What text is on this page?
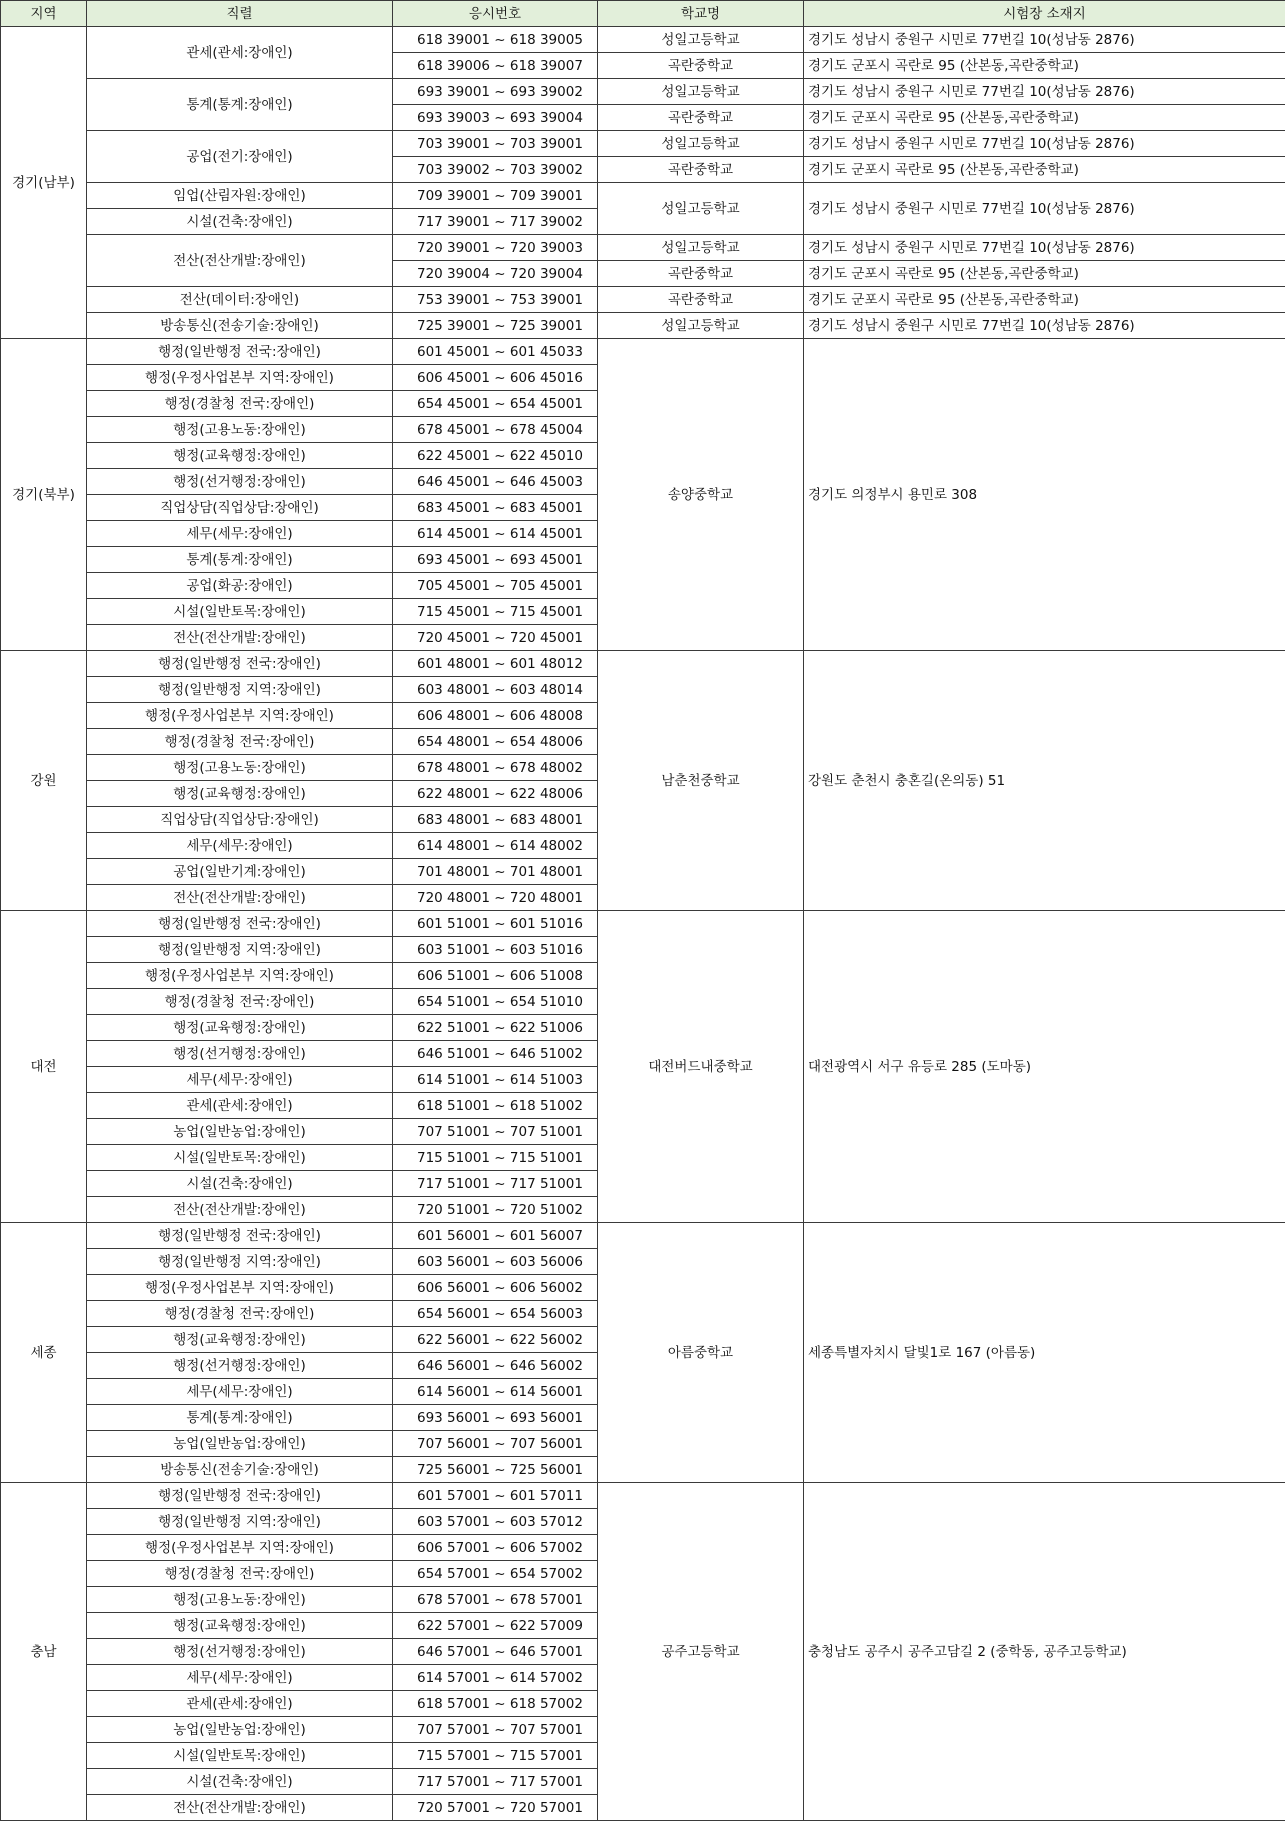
지역	직렬	응시번호	학교명	시험장 소재지
경기(남부)	관세(관세:장애인)	618 39001 ~ 618 39005	성일고등학교	경기도 성남시 중원구 시민로 77번길 10(성남동 2876)
		618 39006 ~ 618 39007	곡란중학교	경기도 군포시 곡란로 95 (산본동,곡란중학교)
	통계(통계:장애인)	693 39001 ~ 693 39002	성일고등학교	경기도 성남시 중원구 시민로 77번길 10(성남동 2876)
		693 39003 ~ 693 39004	곡란중학교	경기도 군포시 곡란로 95 (산본동,곡란중학교)
	공업(전기:장애인)	703 39001 ~ 703 39001	성일고등학교	경기도 성남시 중원구 시민로 77번길 10(성남동 2876)
		703 39002 ~ 703 39002	곡란중학교	경기도 군포시 곡란로 95 (산본동,곡란중학교)
	임업(산림자원:장애인)	709 39001 ~ 709 39001	성일고등학교	경기도 성남시 중원구 시민로 77번길 10(성남동 2876)
	시설(건축:장애인)	717 39001 ~ 717 39002		
	전산(전산개발:장애인)	720 39001 ~ 720 39003	성일고등학교	경기도 성남시 중원구 시민로 77번길 10(성남동 2876)
		720 39004 ~ 720 39004	곡란중학교	경기도 군포시 곡란로 95 (산본동,곡란중학교)
	전산(데이터:장애인)	753 39001 ~ 753 39001	곡란중학교	경기도 군포시 곡란로 95 (산본동,곡란중학교)
	방송통신(전송기술:장애인)	725 39001 ~ 725 39001	성일고등학교	경기도 성남시 중원구 시민로 77번길 10(성남동 2876)
경기(북부)	행정(일반행정 전국:장애인)	601 45001 ~ 601 45033	송양중학교	경기도 의정부시 용민로 308
	행정(우정사업본부 지역:장애인)	606 45001 ~ 606 45016		
	행정(경찰청 전국:장애인)	654 45001 ~ 654 45001		
	행정(고용노동:장애인)	678 45001 ~ 678 45004		
	행정(교육행정:장애인)	622 45001 ~ 622 45010		
	행정(선거행정:장애인)	646 45001 ~ 646 45003		
	직업상담(직업상담:장애인)	683 45001 ~ 683 45001		
	세무(세무:장애인)	614 45001 ~ 614 45001		
	통계(통계:장애인)	693 45001 ~ 693 45001		
	공업(화공:장애인)	705 45001 ~ 705 45001		
	시설(일반토목:장애인)	715 45001 ~ 715 45001		
	전산(전산개발:장애인)	720 45001 ~ 720 45001		
강원	행정(일반행정 전국:장애인)	601 48001 ~ 601 48012	남춘천중학교	강원도 춘천시 충혼길(온의동) 51
	행정(일반행정 지역:장애인)	603 48001 ~ 603 48014		
	행정(우정사업본부 지역:장애인)	606 48001 ~ 606 48008		
	행정(경찰청 전국:장애인)	654 48001 ~ 654 48006		
	행정(고용노동:장애인)	678 48001 ~ 678 48002		
	행정(교육행정:장애인)	622 48001 ~ 622 48006		
	직업상담(직업상담:장애인)	683 48001 ~ 683 48001		
	세무(세무:장애인)	614 48001 ~ 614 48002		
	공업(일반기계:장애인)	701 48001 ~ 701 48001		
	전산(전산개발:장애인)	720 48001 ~ 720 48001		
대전	행정(일반행정 전국:장애인)	601 51001 ~ 601 51016	대전버드내중학교	대전광역시 서구 유등로 285 (도마동)
	행정(일반행정 지역:장애인)	603 51001 ~ 603 51016		
	행정(우정사업본부 지역:장애인)	606 51001 ~ 606 51008		
	행정(경찰청 전국:장애인)	654 51001 ~ 654 51010		
	행정(교육행정:장애인)	622 51001 ~ 622 51006		
	행정(선거행정:장애인)	646 51001 ~ 646 51002		
	세무(세무:장애인)	614 51001 ~ 614 51003		
	관세(관세:장애인)	618 51001 ~ 618 51002		
	농업(일반농업:장애인)	707 51001 ~ 707 51001		
	시설(일반토목:장애인)	715 51001 ~ 715 51001		
	시설(건축:장애인)	717 51001 ~ 717 51001		
	전산(전산개발:장애인)	720 51001 ~ 720 51002		
세종	행정(일반행정 전국:장애인)	601 56001 ~ 601 56007	아름중학교	세종특별자치시 달빛1로 167 (아름동)
	행정(일반행정 지역:장애인)	603 56001 ~ 603 56006		
	행정(우정사업본부 지역:장애인)	606 56001 ~ 606 56002		
	행정(경찰청 전국:장애인)	654 56001 ~ 654 56003		
	행정(교육행정:장애인)	622 56001 ~ 622 56002		
	행정(선거행정:장애인)	646 56001 ~ 646 56002		
	세무(세무:장애인)	614 56001 ~ 614 56001		
	통계(통계:장애인)	693 56001 ~ 693 56001		
	농업(일반농업:장애인)	707 56001 ~ 707 56001		
	방송통신(전송기술:장애인)	725 56001 ~ 725 56001		
충남	행정(일반행정 전국:장애인)	601 57001 ~ 601 57011	공주고등학교	충청남도 공주시 공주고담길 2 (중학동, 공주고등학교)
	행정(일반행정 지역:장애인)	603 57001 ~ 603 57012		
	행정(우정사업본부 지역:장애인)	606 57001 ~ 606 57002		
	행정(경찰청 전국:장애인)	654 57001 ~ 654 57002		
	행정(고용노동:장애인)	678 57001 ~ 678 57001		
	행정(교육행정:장애인)	622 57001 ~ 622 57009		
	행정(선거행정:장애인)	646 57001 ~ 646 57001		
	세무(세무:장애인)	614 57001 ~ 614 57002		
	관세(관세:장애인)	618 57001 ~ 618 57002		
	농업(일반농업:장애인)	707 57001 ~ 707 57001		
	시설(일반토목:장애인)	715 57001 ~ 715 57001		
	시설(건축:장애인)	717 57001 ~ 717 57001		
	전산(전산개발:장애인)	720 57001 ~ 720 57001		
